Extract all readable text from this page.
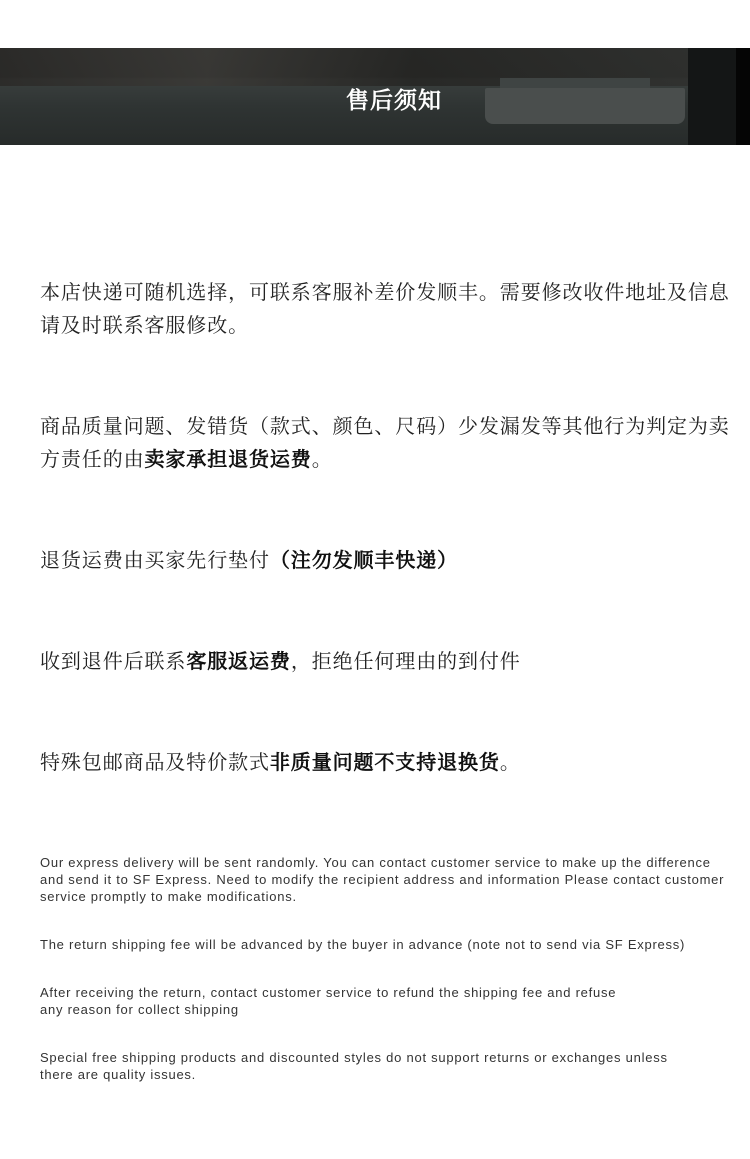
售后须知
本店快递可随机选择，可联系客服补差价发顺丰。需要修改收件地址及信息请及时联系客服修改。
商品质量问题、发错货（款式、颜色、尺码）少发漏发等其他行为判定为卖方责任的由卖家承担退货运费。
退货运费由买家先行垫付（注勿发顺丰快递）
收到退件后联系客服返运费，拒绝任何理由的到付件
特殊包邮商品及特价款式非质量问题不支持退换货。
Our express delivery will be sent randomly. You can contact customer service to make up the difference
and send it to SF Express. Need to modify the recipient address and information Please contact customer
service promptly to make modifications.
The return shipping fee will be advanced by the buyer in advance (note not to send via SF Express)
After receiving the return, contact customer service to refund the shipping fee and refuse
any reason for collect shipping
Special free shipping products and discounted styles do not support returns or exchanges unless
there are quality issues.
